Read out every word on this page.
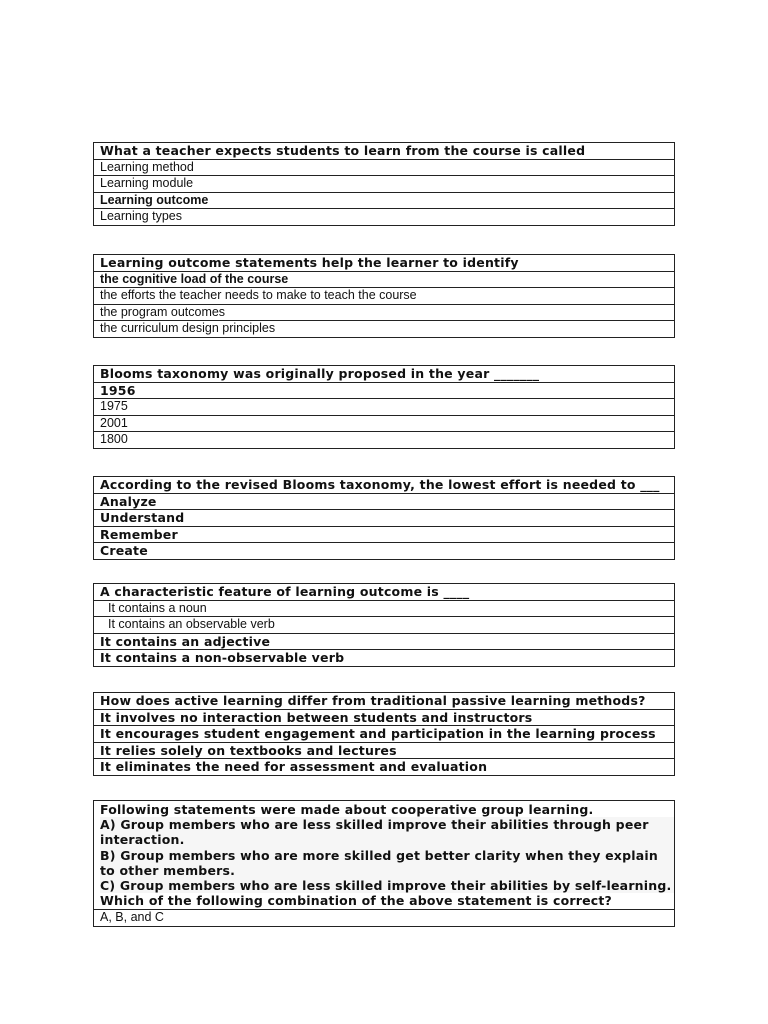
What a teacher expects students to learn from the course is called
Learning method
Learning module
Learning outcome
Learning types
Learning outcome statements help the learner to identify
the cognitive load of the course
the efforts the teacher needs to make to teach the course
the program outcomes
the curriculum design principles
Blooms taxonomy was originally proposed in the year _______
1956
1975
2001
1800
According to the revised Blooms taxonomy, the lowest effort is needed to ___
Analyze
Understand
Remember
Create
A characteristic feature of learning outcome is ____
It contains a noun
It contains an observable verb
It contains an adjective
It contains a non-observable verb
How does active learning differ from traditional passive learning methods?
It involves no interaction between students and instructors
It encourages student engagement and participation in the learning process
It relies solely on textbooks and lectures
It eliminates the need for assessment and evaluation
Following statements were made about cooperative group learning.
A) Group members who are less skilled improve their abilities through peer interaction.
B) Group members who are more skilled get better clarity when they explain to other members.
C) Group members who are less skilled improve their abilities by self-learning.
Which of the following combination of the above statement is correct?

A, B, and C
